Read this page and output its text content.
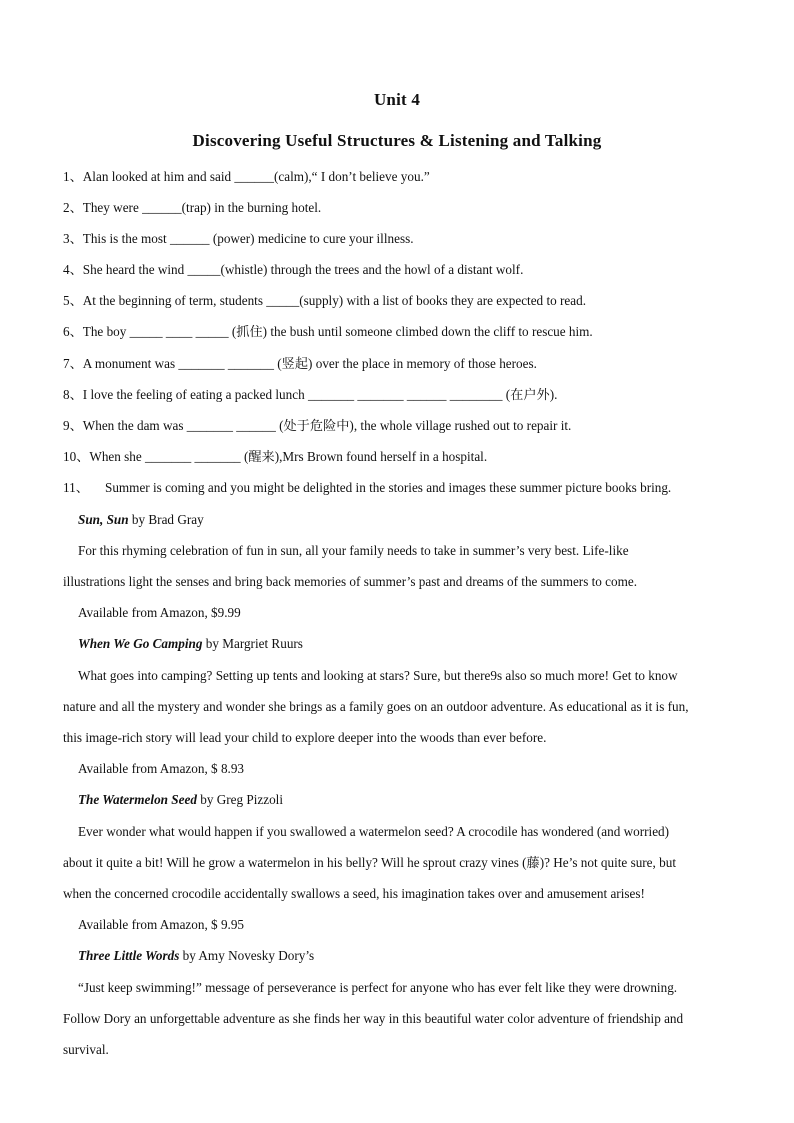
Unit 4
Discovering Useful Structures & Listening and Talking
1、Alan looked at him and said ______(calm),“ I don’t believe you.”
2、They were ______(trap) in the burning hotel.
3、This is the most ______ (power) medicine to cure your illness.
4、She heard the wind _____(whistle) through the trees and the howl of a distant wolf.
5、At the beginning of term, students _____(supply) with a list of books they are expected to read.
6、The boy _____ ____ _____ (抓住) the bush until someone climbed down the cliff to rescue him.
7、A monument was _______ _______ (竖起) over the place in memory of those heroes.
8、I love the feeling of eating a packed lunch _______ _______ ______ ________ (在户外).
9、When the dam was _______ ______ (处于危险中), the whole village rushed out to repair it.
10、When she _______ _______ (醒来),Mrs Brown found herself in a hospital.
11、 Summer is coming and you might be delighted in the stories and images these summer picture books bring.
Sun, Sun by Brad Gray
For this rhyming celebration of fun in sun, all your family needs to take in summer’s very best. Life-like
illustrations light the senses and bring back memories of summer’s past and dreams of the summers to come.
Available from Amazon, $9.99
When We Go Camping by Margriet Ruurs
What goes into camping? Setting up tents and looking at stars? Sure, but there9s also so much more! Get to know
nature and all the mystery and wonder she brings as a family goes on an outdoor adventure. As educational as it is fun,
this image-rich story will lead your child to explore deeper into the woods than ever before.
Available from Amazon, $ 8.93
The Watermelon Seed by Greg Pizzoli
Ever wonder what would happen if you swallowed a watermelon seed? A crocodile has wondered (and worried)
about it quite a bit! Will he grow a watermelon in his belly? Will he sprout crazy vines (藤)? He’s not quite sure, but
when the concerned crocodile accidentally swallows a seed, his imagination takes over and amusement arises!
Available from Amazon, $ 9.95
Three Little Words by Amy Novesky Dory’s
“Just keep swimming!” message of perseverance is perfect for anyone who has ever felt like they were drowning.
Follow Dory an unforgettable adventure as she finds her way in this beautiful water color adventure of friendship and
survival.
